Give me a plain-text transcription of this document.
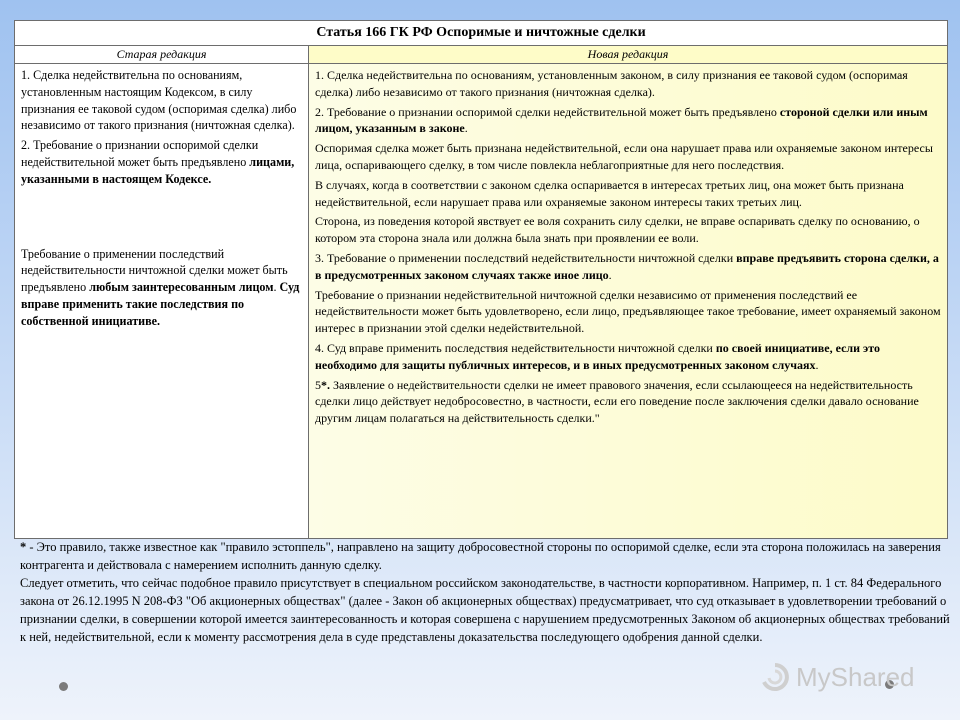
Статья 166 ГК РФ Оспоримые и ничтожные сделки
Старая редакция	Новая редакция

1. Сделка недействительна по основаниям, установленным настоящим Кодексом, в силу признания ее таковой судом (оспоримая сделка) либо независимо от такого признания (ничтожная сделка).

2. Требование о признании оспоримой сделки недействительной может быть предъявлено лицами, указанными в настоящем Кодексе.

Требование о применении последствий недействительности ничтожной сделки может быть предъявлено любым заинтересованным лицом. Суд вправе применить такие последствия по собственной инициативе.

1. Сделка недействительна по основаниям, установленным законом, в силу признания ее таковой судом (оспоримая сделка) либо независимо от такого признания (ничтожная сделка).

2. Требование о признании оспоримой сделки недействительной может быть предъявлено стороной сделки или иным лицом, указанным в законе.

Оспоримая сделка может быть признана недействительной, если она нарушает права или охраняемые законом интересы лица, оспаривающего сделку, в том числе повлекла неблагоприятные для него последствия.

В случаях, когда в соответствии с законом сделка оспаривается в интересах третьих лиц, она может быть признана недействительной, если нарушает права или охраняемые законом интересы таких третьих лиц.

Сторона, из поведения которой явствует ее воля сохранить силу сделки, не вправе оспаривать сделку по основанию, о котором эта сторона знала или должна была знать при проявлении ее воли.

3. Требование о применении последствий недействительности ничтожной сделки вправе предъявить сторона сделки, а в предусмотренных законом случаях также иное лицо.

Требование о признании недействительной ничтожной сделки независимо от применения последствий ее недействительности может быть удовлетворено, если лицо, предъявляющее такое требование, имеет охраняемый законом интерес в признании этой сделки недействительной.

4. Суд вправе применить последствия недействительности ничтожной сделки по своей инициативе, если это необходимо для защиты публичных интересов, и в иных предусмотренных законом случаях.

5*. Заявление о недействительности сделки не имеет правового значения, если ссылающееся на недействительность сделки лицо действует недобросовестно, в частности, если его поведение после заключения сделки давало основание другим лицам полагаться на действительность сделки."

* - Это правило, также известное как "правило эстоппель", направлено на защиту добросовестной стороны по оспоримой сделке, если эта сторона положилась на заверения контрагента и действовала с намерением исполнить данную сделку.

Следует отметить, что сейчас подобное правило присутствует в специальном российском законодательстве, в частности корпоративном. Например, п. 1 ст. 84 Федерального закона от 26.12.1995 N 208-ФЗ "Об акционерных обществах" (далее - Закон об акционерных обществах) предусматривает, что суд отказывает в удовлетворении требований о признании сделки, в совершении которой имеется заинтересованность и которая совершена с нарушением предусмотренных Законом об акционерных обществах требований к ней, недействительной, если к моменту рассмотрения дела в суде представлены доказательства последующего одобрения данной сделки.

MyShared
